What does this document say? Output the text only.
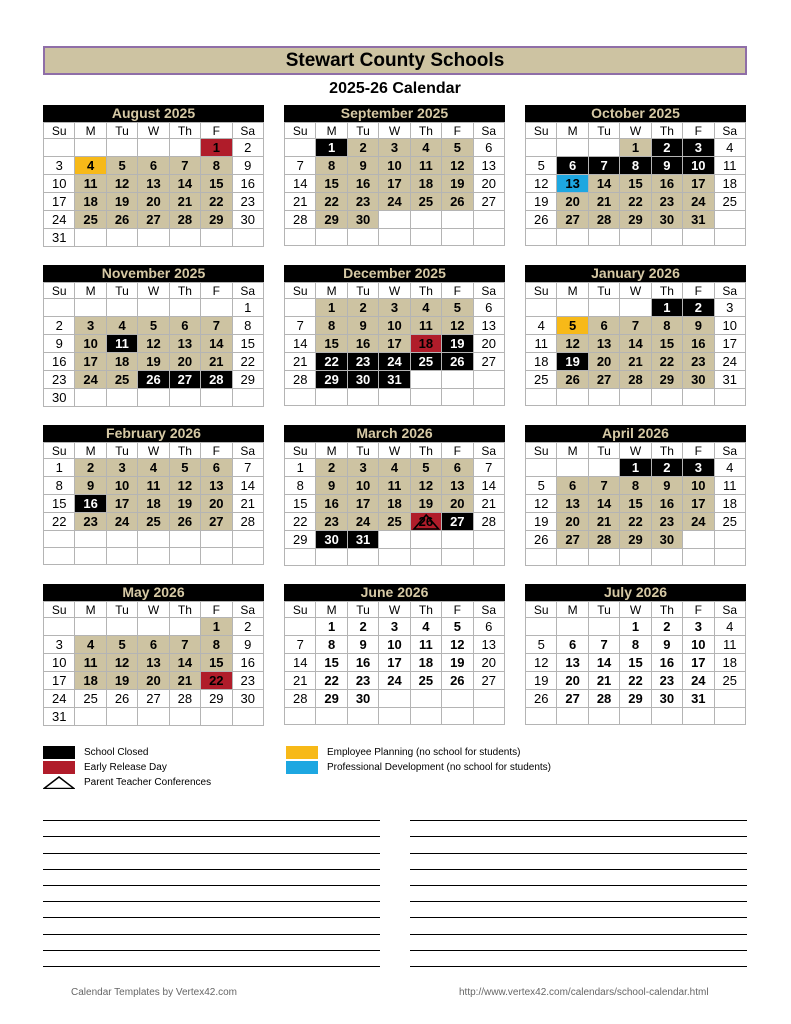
Stewart County Schools
2025-26 Calendar
August 2025
Su	M	Tu	W	Th	F	Sa
					1	2
3	4	5	6	7	8	9
10	11	12	13	14	15	16
17	18	19	20	21	22	23
24	25	26	27	28	29	30
31						
September 2025
Su	M	Tu	W	Th	F	Sa
	1	2	3	4	5	6
7	8	9	10	11	12	13
14	15	16	17	18	19	20
21	22	23	24	25	26	27
28	29	30				

October 2025
Su	M	Tu	W	Th	F	Sa
			1	2	3	4
5	6	7	8	9	10	11
12	13	14	15	16	17	18
19	20	21	22	23	24	25
26	27	28	29	30	31	

November 2025
Su	M	Tu	W	Th	F	Sa
						1
2	3	4	5	6	7	8
9	10	11	12	13	14	15
16	17	18	19	20	21	22
23	24	25	26	27	28	29
30						
December 2025
Su	M	Tu	W	Th	F	Sa
	1	2	3	4	5	6
7	8	9	10	11	12	13
14	15	16	17	18	19	20
21	22	23	24	25	26	27
28	29	30	31			

January 2026
Su	M	Tu	W	Th	F	Sa
				1	2	3
4	5	6	7	8	9	10
11	12	13	14	15	16	17
18	19	20	21	22	23	24
25	26	27	28	29	30	31

February 2026
Su	M	Tu	W	Th	F	Sa
1	2	3	4	5	6	7
8	9	10	11	12	13	14
15	16	17	18	19	20	21
22	23	24	25	26	27	28

March 2026
Su	M	Tu	W	Th	F	Sa
1	2	3	4	5	6	7
8	9	10	11	12	13	14
15	16	17	18	19	20	21
22	23	24	25	26	27	28
29	30	31				

April 2026
Su	M	Tu	W	Th	F	Sa
			1	2	3	4
5	6	7	8	9	10	11
12	13	14	15	16	17	18
19	20	21	22	23	24	25
26	27	28	29	30		

May 2026
Su	M	Tu	W	Th	F	Sa
					1	2
3	4	5	6	7	8	9
10	11	12	13	14	15	16
17	18	19	20	21	22	23
24	25	26	27	28	29	30
31						
June 2026
Su	M	Tu	W	Th	F	Sa
	1	2	3	4	5	6
7	8	9	10	11	12	13
14	15	16	17	18	19	20
21	22	23	24	25	26	27
28	29	30				

July 2026
Su	M	Tu	W	Th	F	Sa
			1	2	3	4
5	6	7	8	9	10	11
12	13	14	15	16	17	18
19	20	21	22	23	24	25
26	27	28	29	30	31	

School Closed
Early Release Day
Parent Teacher Conferences
Employee Planning (no school for students)
Professional Development (no school for students)
Calendar Templates by Vertex42.com	http://www.vertex42.com/calendars/school-calendar.html
